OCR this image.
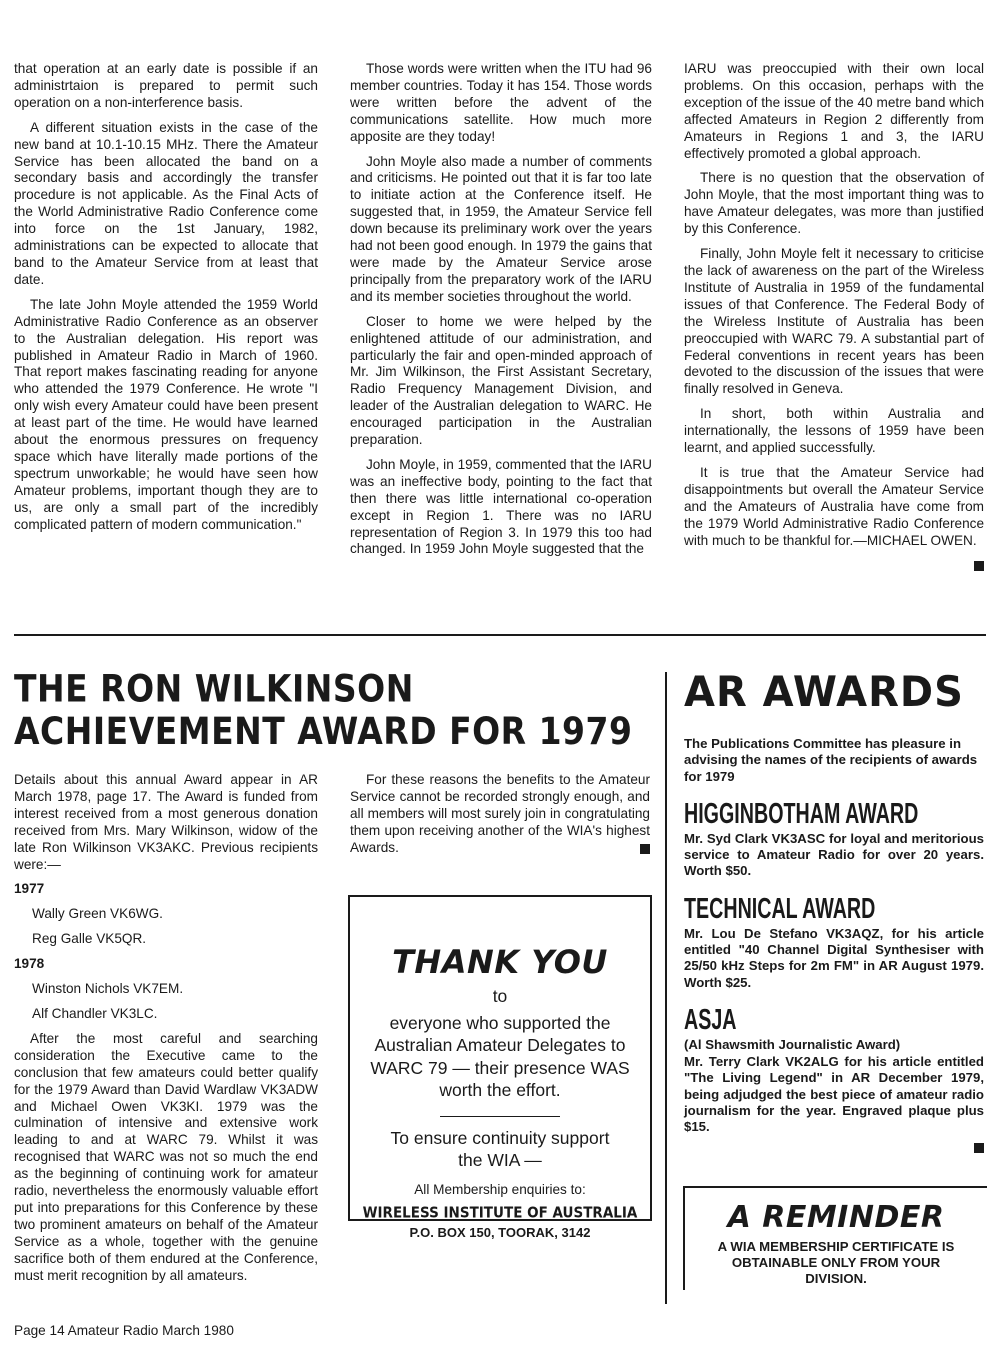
that operation at an early date is possible if an administrtaion is prepared to permit such operation on a non-interference basis.

A different situation exists in the case of the new band at 10.1-10.15 MHz. There the Amateur Service has been allocated the band on a secondary basis and accordingly the transfer procedure is not applicable. As the Final Acts of the World Administrative Radio Conference come into force on the 1st January, 1982, administrations can be expected to allocate that band to the Amateur Service from at least that date.

The late John Moyle attended the 1959 World Administrative Radio Conference as an observer to the Australian delegation. His report was published in Amateur Radio in March of 1960. That report makes fascinating reading for anyone who attended the 1979 Conference. He wrote "I only wish every Amateur could have been present at least part of the time. He would have learned about the enormous pressures on frequency space which have literally made portions of the spectrum unworkable; he would have seen how Amateur problems, important though they are to us, are only a small part of the incredibly complicated pattern of modern communication."

Those words were written when the ITU had 96 member countries. Today it has 154. Those words were written before the advent of the communications satellite. How much more apposite are they today!

John Moyle also made a number of comments and criticisms. He pointed out that it is far too late to initiate action at the Conference itself. He suggested that, in 1959, the Amateur Service fell down because its preliminary work over the years had not been good enough. In 1979 the gains that were made by the Amateur Service arose principally from the preparatory work of the IARU and its member societies throughout the world.

Closer to home we were helped by the enlightened attitude of our administration, and particularly the fair and open-minded approach of Mr. Jim Wilkinson, the First Assistant Secretary, Radio Frequency Management Division, and leader of the Australian delegation to WARC. He encouraged participation in the Australian preparation.

John Moyle, in 1959, commented that the IARU was an ineffective body, pointing to the fact that then there was little international co-operation except in Region 1. There was no IARU representation of Region 3. In 1979 this too had changed. In 1959 John Moyle suggested that the

IARU was preoccupied with their own local problems. On this occasion, perhaps with the exception of the issue of the 40 metre band which affected Amateurs in Region 2 differently from Amateurs in Regions 1 and 3, the IARU effectively promoted a global approach.

There is no question that the observation of John Moyle, that the most important thing was to have Amateur delegates, was more than justified by this Conference.

Finally, John Moyle felt it necessary to criticise the lack of awareness on the part of the Wireless Institute of Australia in 1959 of the fundamental issues of that Conference. The Federal Body of the Wireless Institute of Australia has been preoccupied with WARC 79. A substantial part of Federal conventions in recent years has been devoted to the discussion of the issues that were finally resolved in Geneva.

In short, both within Australia and internationally, the lessons of 1959 have been learnt, and applied successfully.

It is true that the Amateur Service had disappointments but overall the Amateur Service and the Amateurs of Australia have come from the 1979 World Administrative Radio Conference with much to be thankful for.—MICHAEL OWEN.

THE RON WILKINSON
ACHIEVEMENT AWARD FOR 1979

Details about this annual Award appear in AR March 1978, page 17. The Award is funded from interest received from a most generous donation received from Mrs. Mary Wilkinson, widow of the late Ron Wilkinson VK3AKC. Previous recipients were:—

1977

Wally Green VK6WG.

Reg Galle VK5QR.

1978

Winston Nichols VK7EM.

Alf Chandler VK3LC.

After the most careful and searching consideration the Executive came to the conclusion that few amateurs could better qualify for the 1979 Award than David Wardlaw VK3ADW and Michael Owen VK3KI. 1979 was the culmination of intensive and extensive work leading to and at WARC 79. Whilst it was recognised that WARC was not so much the end as the beginning of continuing work for amateur radio, nevertheless the enormously valuable effort put into preparations for this Conference by these two prominent amateurs on behalf of the Amateur Service as a whole, together with the genuine sacrifice both of them endured at the Conference, must merit recognition by all amateurs.

For these reasons the benefits to the Amateur Service cannot be recorded strongly enough, and all members will most surely join in congratulating them upon receiving another of the WIA's highest Awards.

THANK YOU
to
everyone who supported the Australian Amateur Delegates to WARC 79 — their presence WAS worth the effort.
To ensure continuity support the WIA —
All Membership enquiries to:
WIRELESS INSTITUTE OF AUSTRALIA
P.O. BOX 150, TOORAK, 3142
AR AWARDS

The Publications Committee has pleasure in advising the names of the recipients of awards for 1979

HIGGINBOTHAM AWARD

Mr. Syd Clark VK3ASC for loyal and meritorious service to Amateur Radio for over 20 years. Worth $50.

TECHNICAL AWARD

Mr. Lou De Stefano VK3AQZ, for his article entitled "40 Channel Digital Synthesiser with 25/50 kHz Steps for 2m FM" in AR August 1979. Worth $25.

ASJA

(Al Shawsmith Journalistic Award)

Mr. Terry Clark VK2ALG for his article entitled "The Living Legend" in AR December 1979, being adjudged the best piece of amateur radio journalism for the year. Engraved plaque plus $15.

A REMINDER
A WIA MEMBERSHIP CERTIFICATE IS OBTAINABLE ONLY FROM YOUR DIVISION.
Page 14 Amateur Radio March 1980
